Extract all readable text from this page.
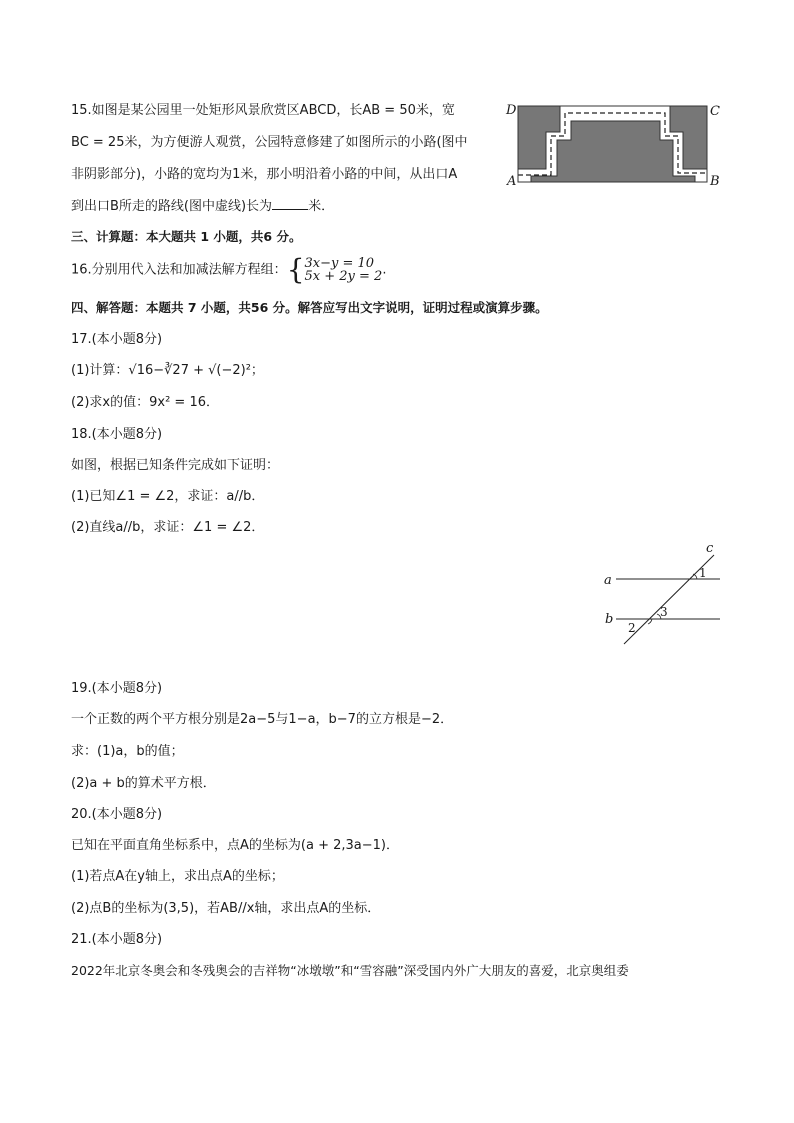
15.如图是某公园里一处矩形风景欣赏区ABCD，长AB = 50米，宽
BC = 25米，为方便游人观赏，公园特意修建了如图所示的小路(图中
非阴影部分)，小路的宽均为1米，那小明沿着小路的中间，从出口A
到出口B所走的路线(图中虚线)长为	米．
D	C
A	B
三、计算题：本大题共 1 小题，共6 分。
16.分别用代入法和加减法解方程组：{ 3x−y = 10
5x + 2y = 2 .
四、解答题：本题共 7 小题，共56 分。解答应写出文字说明，证明过程或演算步骤。
17.(本小题8分)
(1)计算：√16−∛27 + √(−2)²；
(2)求x的值：9x² = 16．
18.(本小题8分)
如图，根据已知条件完成如下证明：
(1)已知∠1 = ∠2，求证：a//b．
(2)直线a//b，求证：∠1 = ∠2．
a
b
c
1
2
3
19.(本小题8分)
一个正数的两个平方根分别是2a−5与1−a，b−7的立方根是−2．
求：(1)a，b的值；
(2)a + b的算术平方根．
20.(本小题8分)
已知在平面直角坐标系中，点A的坐标为(a + 2,3a−1)．
(1)若点A在y轴上，求出点A的坐标；
(2)点B的坐标为(3,5)，若AB//x轴，求出点A的坐标．
21.(本小题8分)
2022年北京冬奥会和冬残奥会的吉祥物“冰墩墩”和“雪容融”深受国内外广大朋友的喜爱，北京奥组委
